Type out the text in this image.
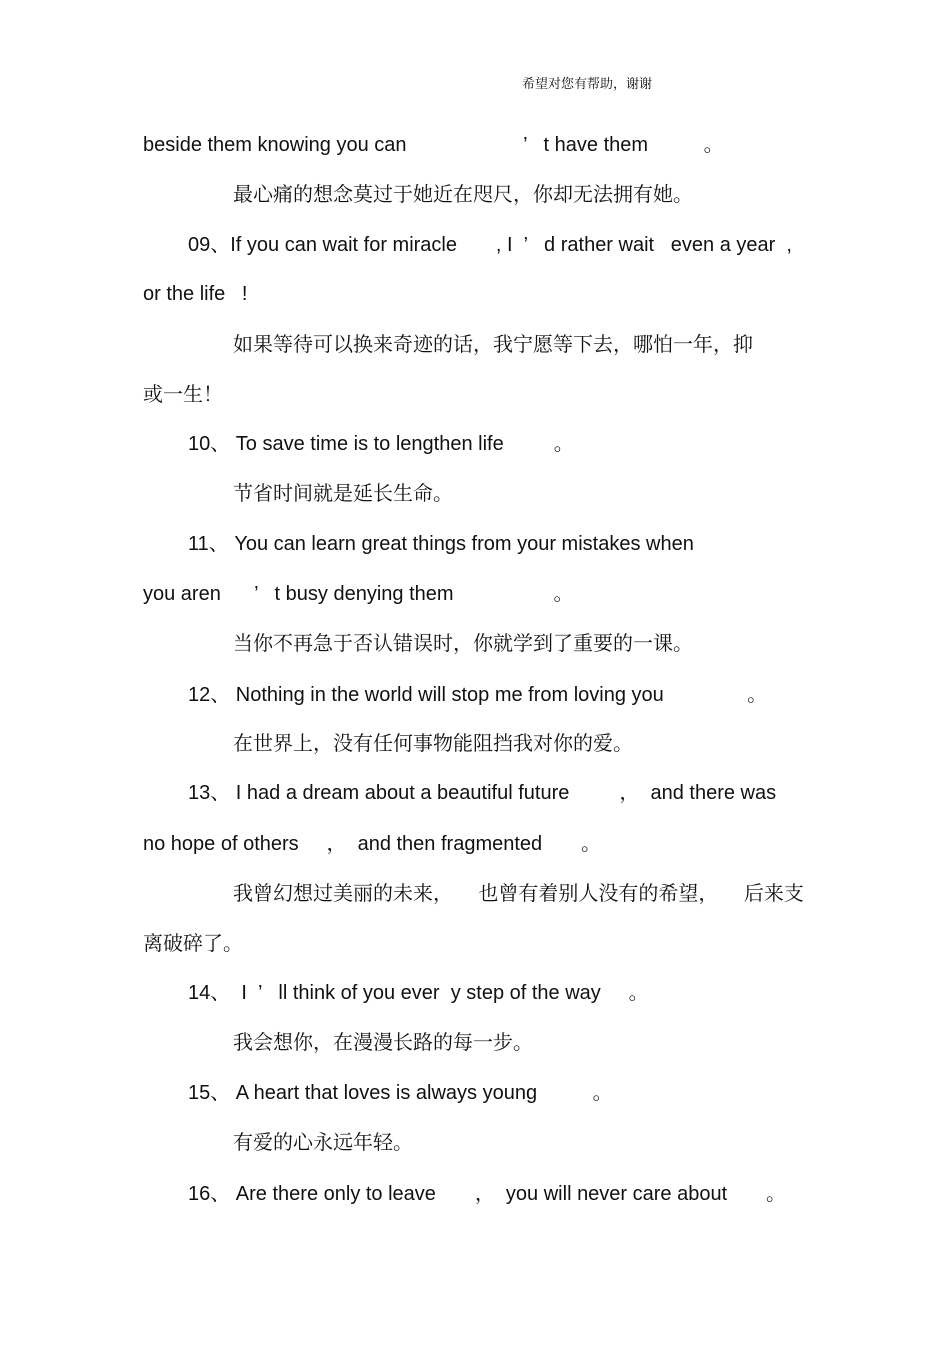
希望对您有帮助，谢谢
beside them knowing you can                     ’   t have them          。
最心痛的想念莫过于她近在咫尺，你却无法拥有她。
09、If you can wait for miracle       , I  ’   d rather wait   even a year  ,
or the life   !
如果等待可以换来奇迹的话，我宁愿等下去，哪怕一年，抑
或一生！
10、 To save time is to lengthen life         。
节省时间就是延长生命。
11、 You can learn great things from your mistakes when
you aren      ’   t busy denying them                  。
当你不再急于否认错误时，你就学到了重要的一课。
12、 Nothing in the world will stop me from loving you               。
在世界上，没有任何事物能阻挡我对你的爱。
13、 I had a dream about a beautiful future         ，  and there was
no hope of others     ，  and then fragmented       。
我曾幻想过美丽的未来，    也曾有着别人没有的希望，    后来支
离破碎了。
14、  I  ’   ll think of you ever  y step of the way     。
我会想你，在漫漫长路的每一步。
15、 A heart that loves is always young          。
有爱的心永远年轻。
16、 Are there only to leave       ，  you will never care about       。
